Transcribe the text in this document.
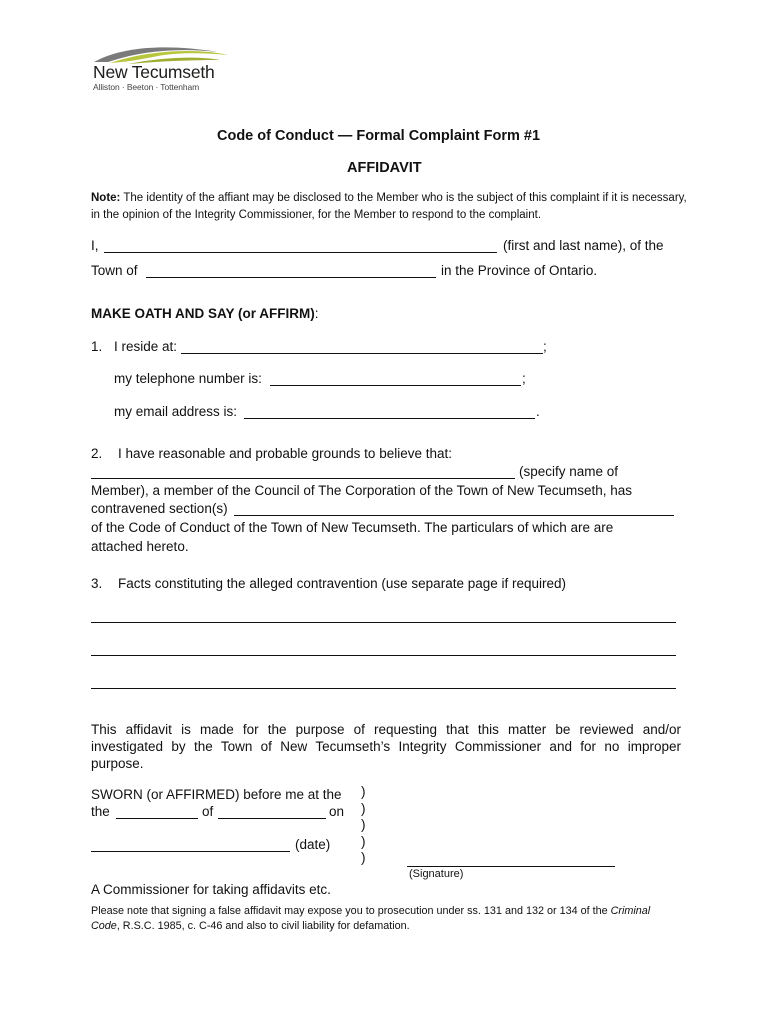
New Tecumseth
Alliston · Beeton · Tottenham
Code of Conduct — Formal Complaint Form #1
AFFIDAVIT
Note: The identity of the affiant may be disclosed to the Member who is the subject of this complaint if it is necessary, in the opinion of the Integrity Commissioner, for the Member to respond to the complaint.
I,	(first and last name), of the
Town of	in the Province of Ontario.
MAKE OATH AND SAY (or AFFIRM):
1. I reside at:	;
my telephone number is:	;
my email address is:	.
2. I have reasonable and probable grounds to believe that:
(specify name of
Member), a member of the Council of The Corporation of the Town of New Tecumseth, has
contravened section(s)
of the Code of Conduct of the Town of New Tecumseth. The particulars of which are are
attached hereto.
3. Facts constituting the alleged contravention (use separate page if required)
This affidavit is made for the purpose of requesting that this matter be reviewed and/or investigated by the Town of New Tecumseth’s Integrity Commissioner and for no improper purpose.
SWORN (or AFFIRMED) before me at the
the	of	on
(date)
)
)
)
)
)
(Signature)
A Commissioner for taking affidavits etc.
Please note that signing a false affidavit may expose you to prosecution under ss. 131 and 132 or 134 of the Criminal Code, R.S.C. 1985, c. C-46 and also to civil liability for defamation.
